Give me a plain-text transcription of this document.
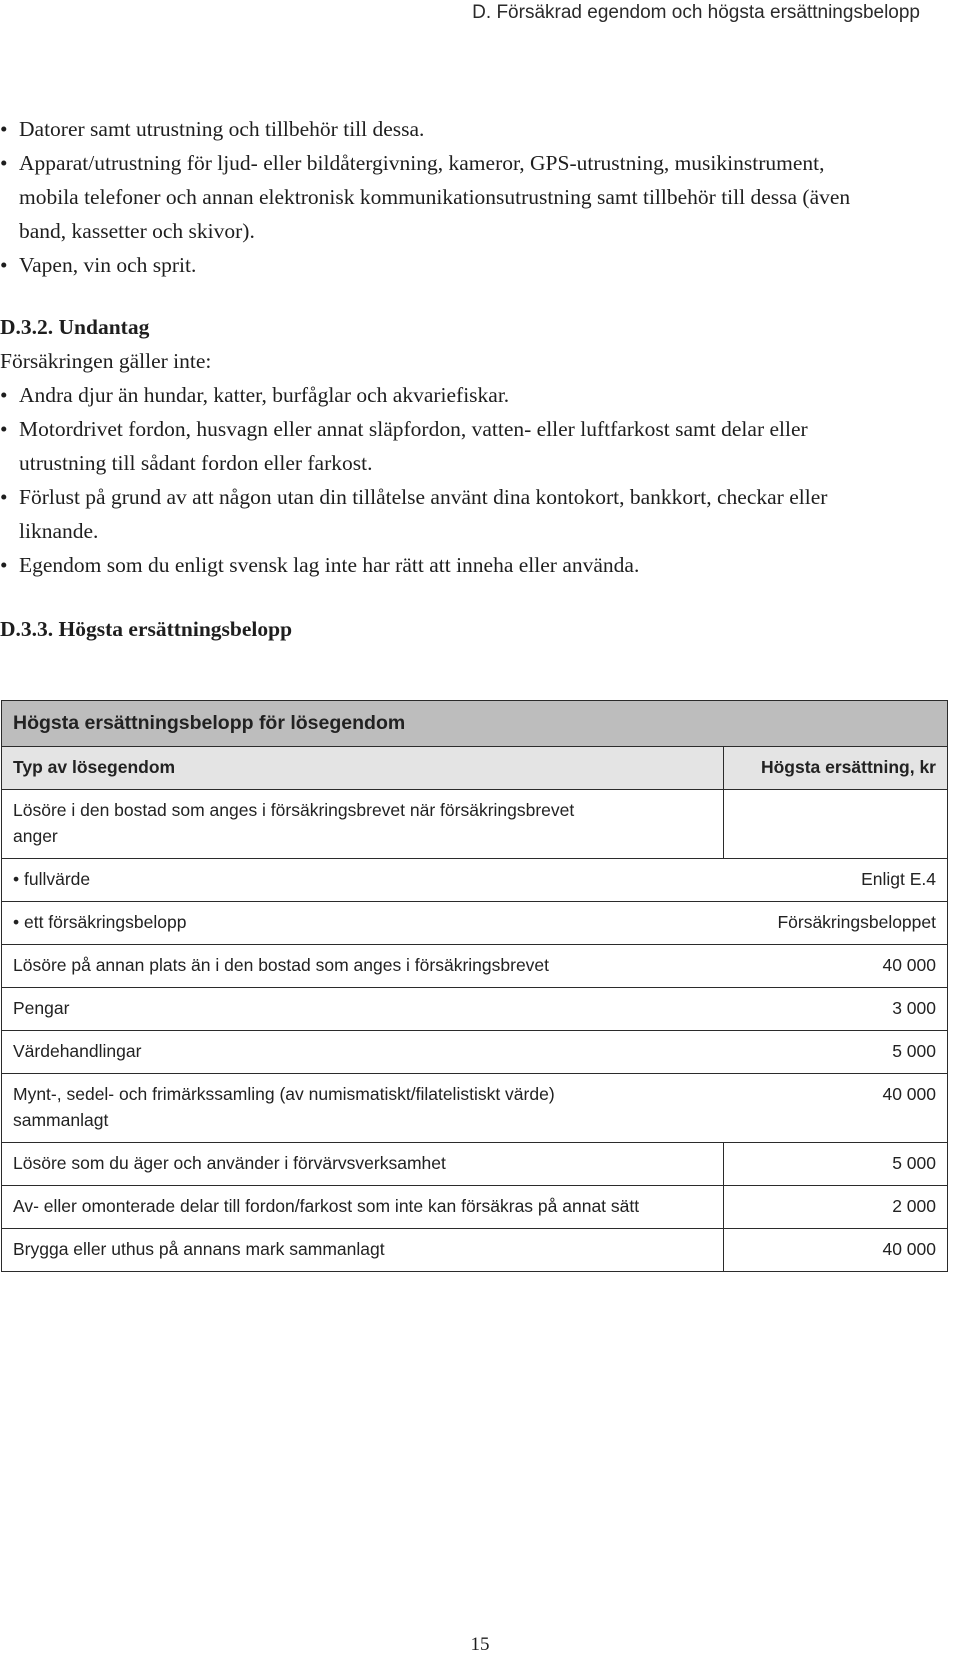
D. Försäkrad egendom och högsta ersättningsbelopp
• Datorer samt utrustning och tillbehör till dessa.
• Apparat/utrustning för ljud- eller bildåtergivning, kameror, GPS-utrustning, musikinstrument, mobila telefoner och annan elektronisk kommunikationsutrustning samt tillbehör till dessa (även band, kassetter och skivor).
• Vapen, vin och sprit.

D.3.2. Undantag

Försäkringen gäller inte:

• Andra djur än hundar, katter, burfåglar och akvariefiskar.
• Motordrivet fordon, husvagn eller annat släpfordon, vatten- eller luftfarkost samt delar eller utrustning till sådant fordon eller farkost.
• Förlust på grund av att någon utan din tillåtelse använt dina kontokort, bankkort, checkar eller liknande.
• Egendom som du enligt svensk lag inte har rätt att inneha eller använda.

D.3.3. Högsta ersättningsbelopp

Högsta ersättningsbelopp för lösegendom	
Typ av lösegendom	Högsta ersättning, kr
Lösöre i den bostad som anges i försäkringsbrevet när försäkringsbrevet anger	
• fullvärde	Enligt E.4
• ett försäkringsbelopp	Försäkringsbeloppet
Lösöre på annan plats än i den bostad som anges i försäkringsbrevet	40 000
Pengar	3 000
Värdehandlingar	5 000
Mynt-, sedel- och frimärkssamling (av numismatiskt/filatelistiskt värde) sammanlagt	40 000
Lösöre som du äger och använder i förvärvsverksamhet	5 000
Av- eller omonterade delar till fordon/farkost som inte kan försäkras på annat sätt	2 000
Brygga eller uthus på annans mark sammanlagt	40 000
15
